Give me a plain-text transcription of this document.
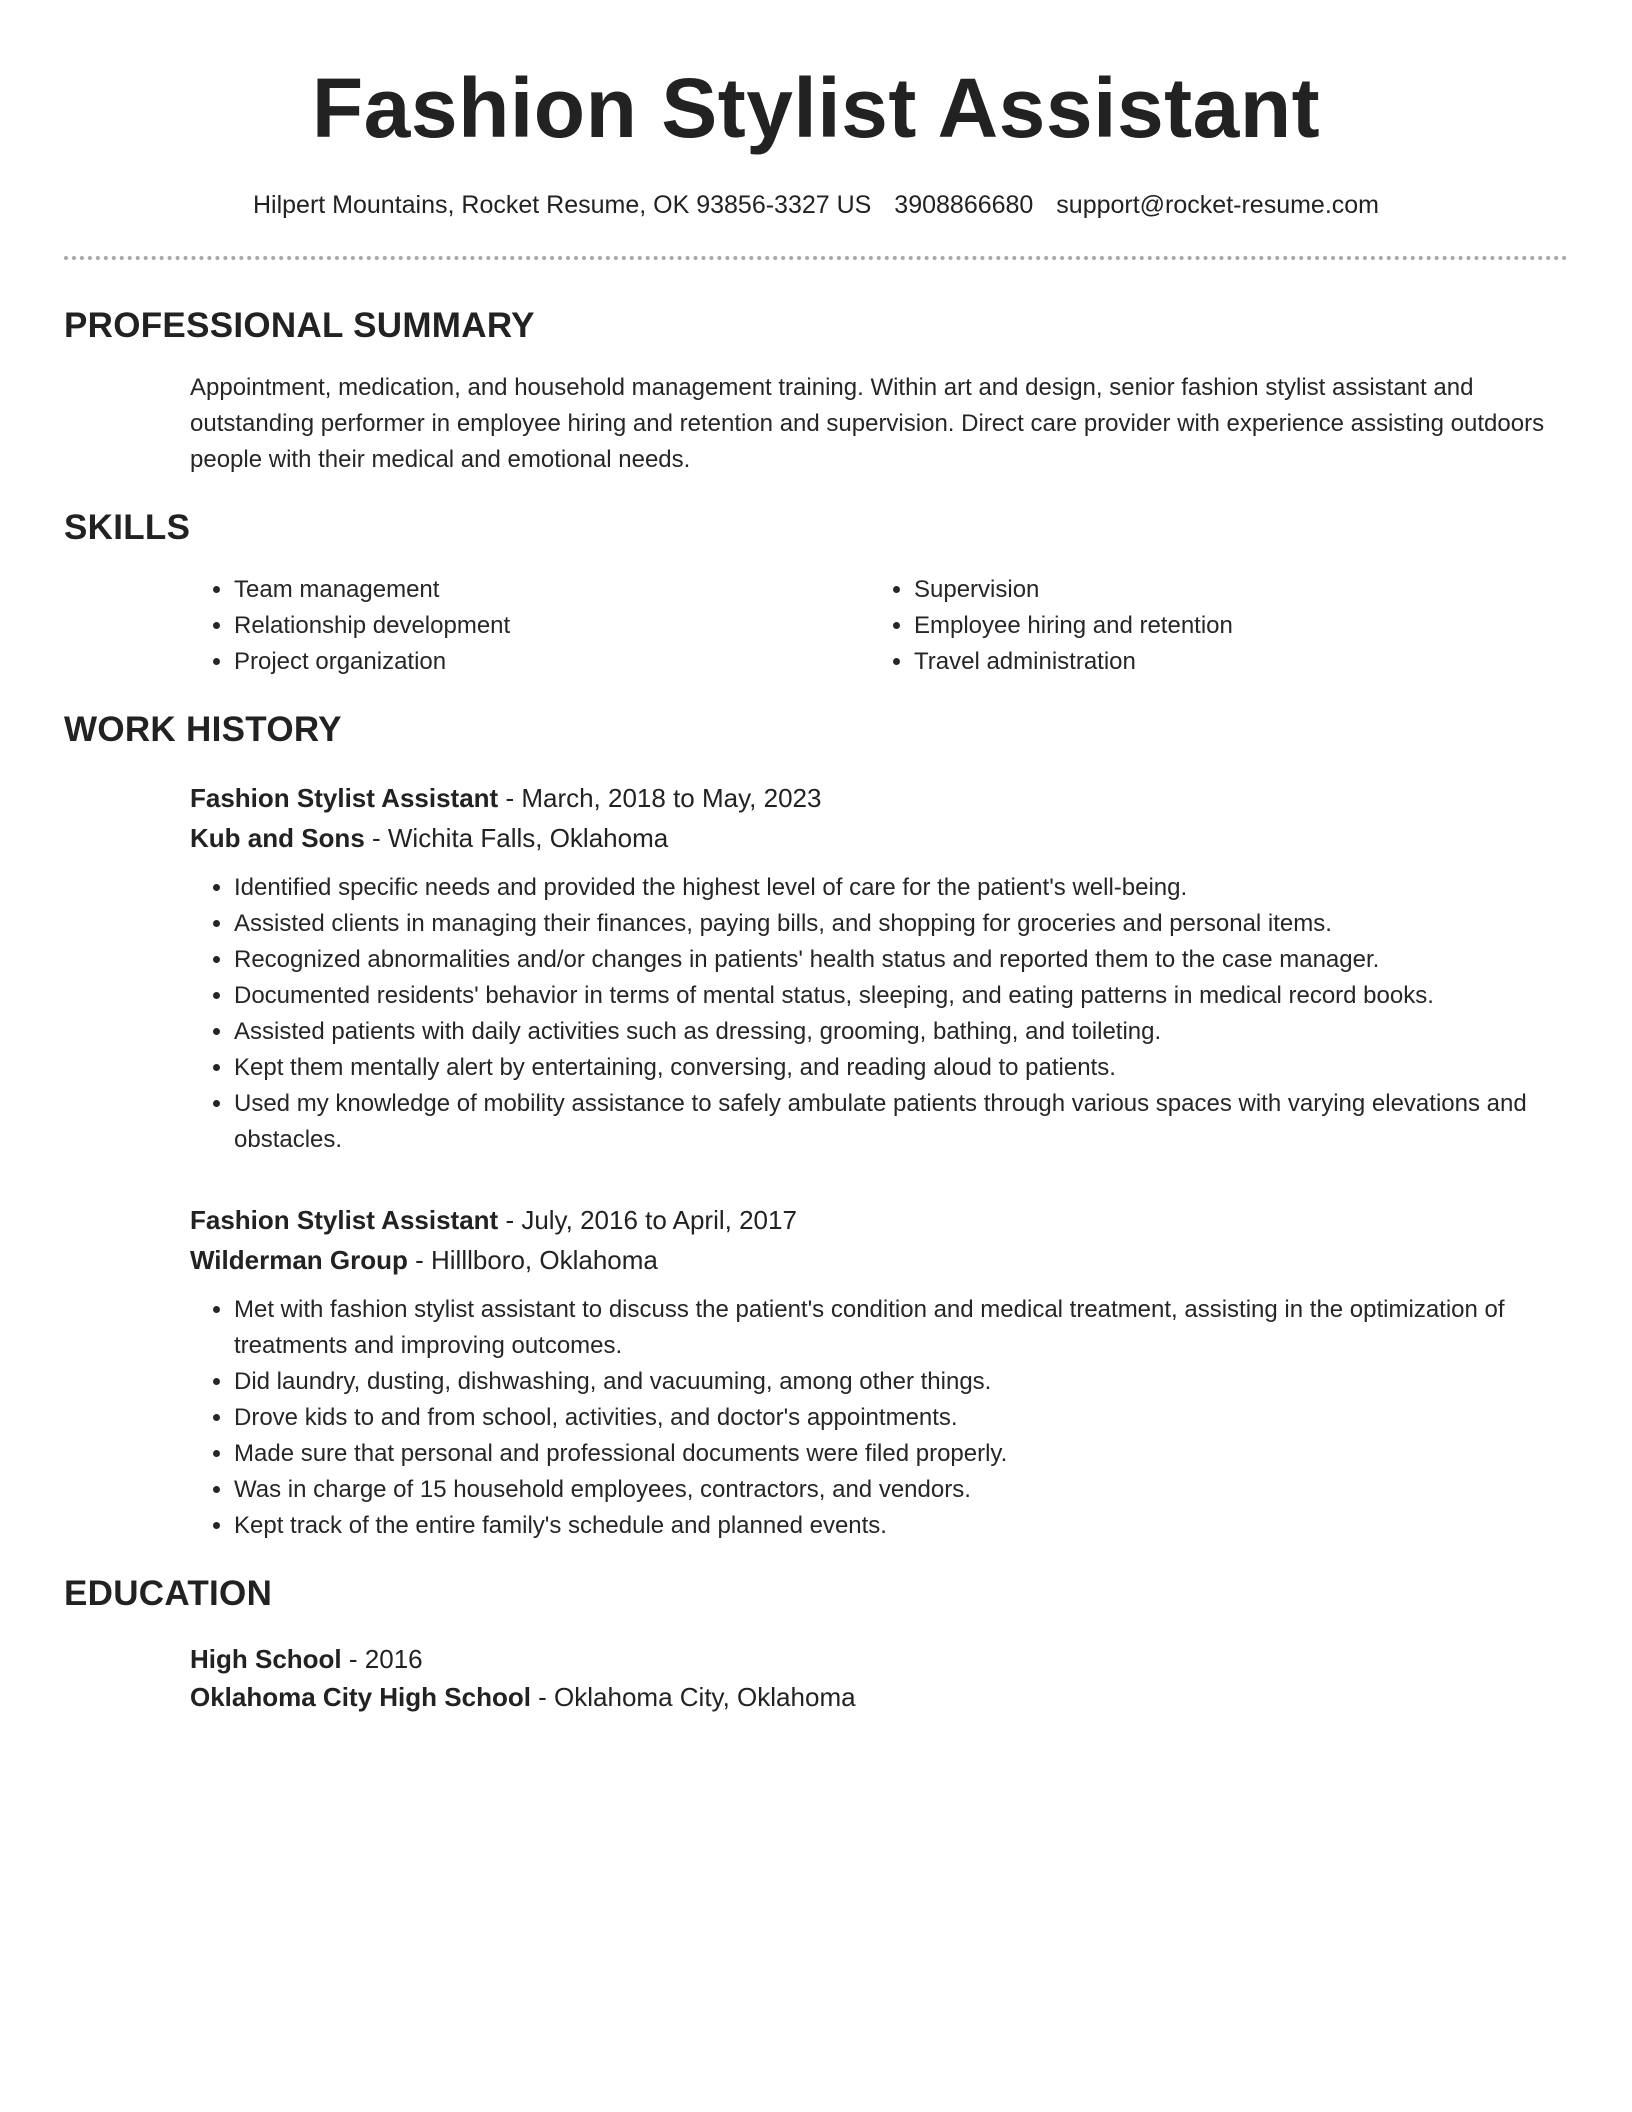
Fashion Stylist Assistant
Hilpert Mountains, Rocket Resume, OK 93856-3327 US 3908866680 support@rocket-resume.com
PROFESSIONAL SUMMARY

Appointment, medication, and household management training. Within art and design, senior fashion stylist assistant and outstanding performer in employee hiring and retention and supervision. Direct care provider with experience assisting outdoors people with their medical and emotional needs.

SKILLS
• Team management
• Relationship development
• Project organization
• Supervision
• Employee hiring and retention
• Travel administration
WORK HISTORY
Fashion Stylist Assistant - March, 2018 to May, 2023
Kub and Sons - Wichita Falls, Oklahoma
• Identified specific needs and provided the highest level of care for the patient's well-being.
• Assisted clients in managing their finances, paying bills, and shopping for groceries and personal items.
• Recognized abnormalities and/or changes in patients' health status and reported them to the case manager.
• Documented residents' behavior in terms of mental status, sleeping, and eating patterns in medical record books.
• Assisted patients with daily activities such as dressing, grooming, bathing, and toileting.
• Kept them mentally alert by entertaining, conversing, and reading aloud to patients.
• Used my knowledge of mobility assistance to safely ambulate patients through various spaces with varying elevations and obstacles.
Fashion Stylist Assistant - July, 2016 to April, 2017
Wilderman Group - Hilllboro, Oklahoma
• Met with fashion stylist assistant to discuss the patient's condition and medical treatment, assisting in the optimization of treatments and improving outcomes.
• Did laundry, dusting, dishwashing, and vacuuming, among other things.
• Drove kids to and from school, activities, and doctor's appointments.
• Made sure that personal and professional documents were filed properly.
• Was in charge of 15 household employees, contractors, and vendors.
• Kept track of the entire family's schedule and planned events.
EDUCATION
High School - 2016
Oklahoma City High School - Oklahoma City, Oklahoma
